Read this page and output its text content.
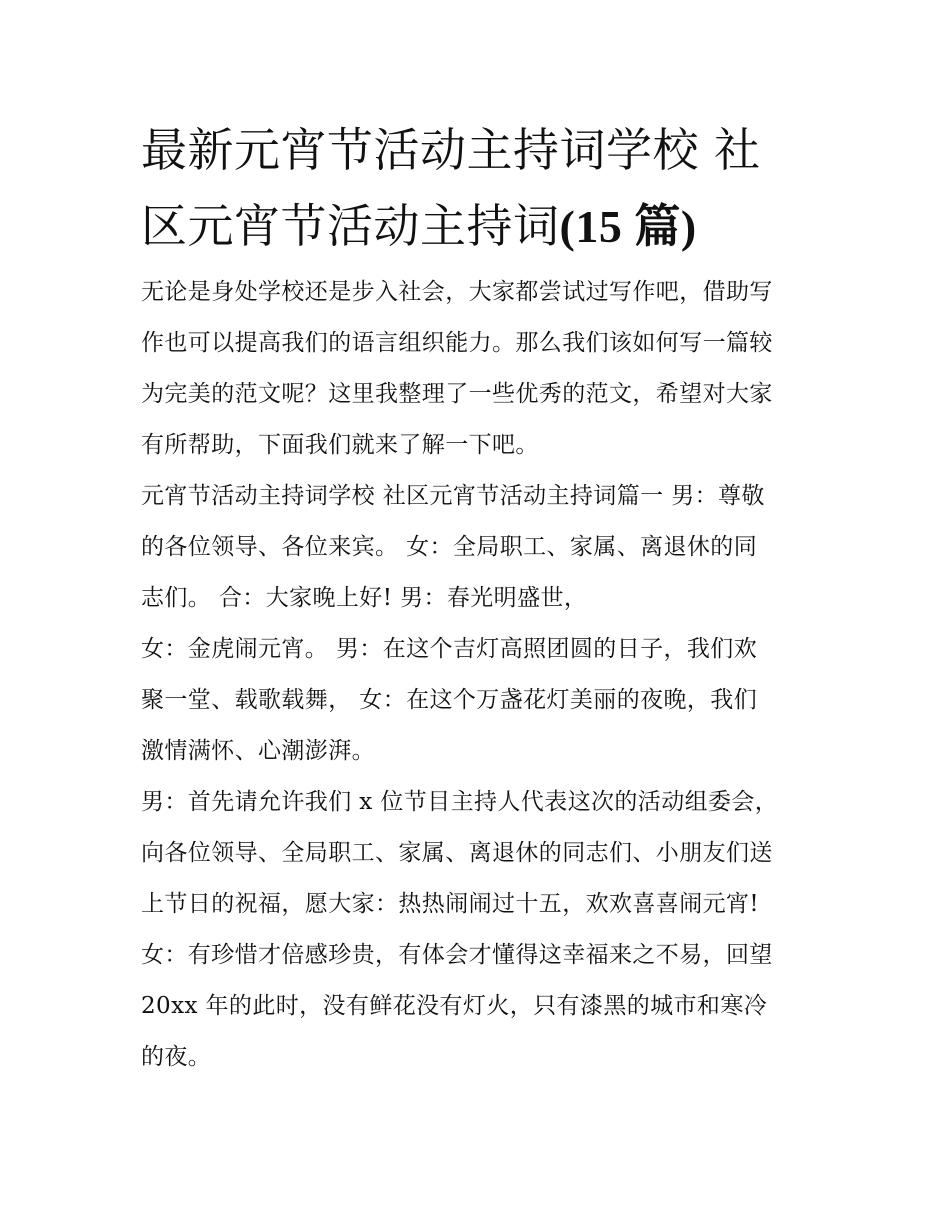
最新元宵节活动主持词学校 社
区元宵节活动主持词(15 篇)

无论是身处学校还是步入社会，大家都尝试过写作吧，借助写
作也可以提高我们的语言组织能力。那么我们该如何写一篇较
为完美的范文呢？这里我整理了一些优秀的范文，希望对大家
有所帮助，下面我们就来了解一下吧。

元宵节活动主持词学校 社区元宵节活动主持词篇一 男：尊敬
的各位领导、各位来宾。 女：全局职工、家属、离退休的同
志们。 合：大家晚上好! 男：春光明盛世，

女：金虎闹元宵。 男：在这个吉灯高照团圆的日子，我们欢
聚一堂、载歌载舞， 女：在这个万盏花灯美丽的夜晚，我们
激情满怀、心潮澎湃。

男：首先请允许我们 x 位节目主持人代表这次的活动组委会，
向各位领导、全局职工、家属、离退休的同志们、小朋友们送
上节日的祝福，愿大家：热热闹闹过十五，欢欢喜喜闹元宵!
女：有珍惜才倍感珍贵，有体会才懂得这幸福来之不易，回望
20xx 年的此时，没有鲜花没有灯火，只有漆黑的城市和寒冷
的夜。
